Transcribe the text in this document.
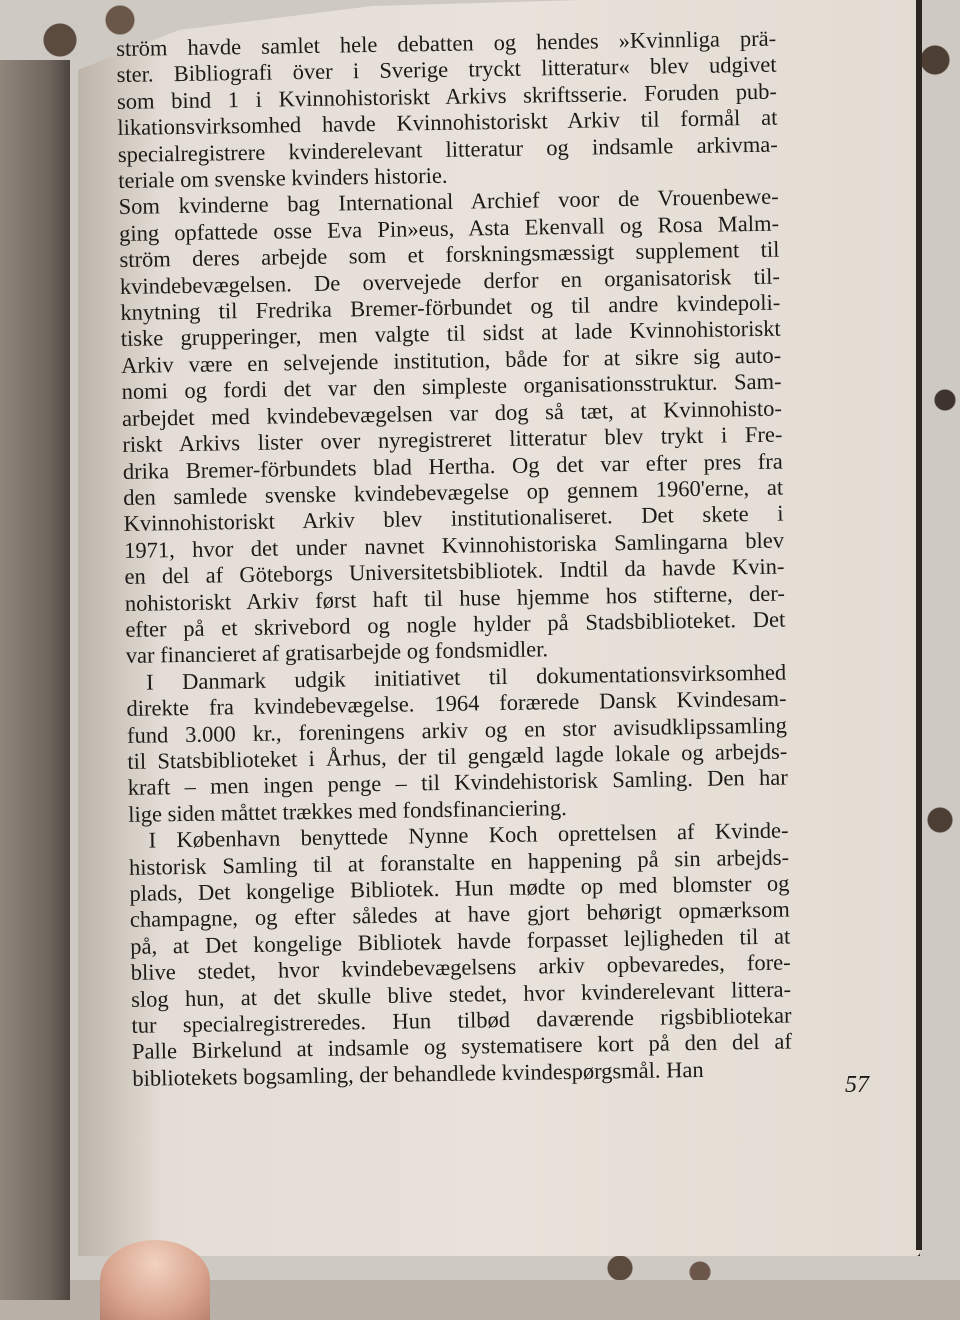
ström havde samlet hele debatten og hendes »Kvinnliga prä-
ster. Bibliografi över i Sverige tryckt litteratur« blev udgivet
som bind 1 i Kvinnohistoriskt Arkivs skriftsserie. Foruden pub-
likationsvirksomhed havde Kvinnohistoriskt Arkiv til formål at
specialregistrere kvinderelevant litteratur og indsamle arkivma-
teriale om svenske kvinders historie.
Som kvinderne bag International Archief voor de Vrouenbewe-
ging opfattede osse Eva Pin»eus, Asta Ekenvall og Rosa Malm-
ström deres arbejde som et forskningsmæssigt supplement til
kvindebevægelsen. De overvejede derfor en organisatorisk til-
knytning til Fredrika Bremer-förbundet og til andre kvindepoli-
tiske grupperinger, men valgte til sidst at lade Kvinnohistoriskt
Arkiv være en selvejende institution, både for at sikre sig auto-
nomi og fordi det var den simpleste organisationsstruktur. Sam-
arbejdet med kvindebevægelsen var dog så tæt, at Kvinnohisto-
riskt Arkivs lister over nyregistreret litteratur blev trykt i Fre-
drika Bremer-förbundets blad Hertha. Og det var efter pres fra
den samlede svenske kvindebevægelse op gennem 1960'erne, at
Kvinnohistoriskt Arkiv blev institutionaliseret. Det skete i
1971, hvor det under navnet Kvinnohistoriska Samlingarna blev
en del af Göteborgs Universitetsbibliotek. Indtil da havde Kvin-
nohistoriskt Arkiv først haft til huse hjemme hos stifterne, der-
efter på et skrivebord og nogle hylder på Stadsbiblioteket. Det
var financieret af gratisarbejde og fondsmidler.
I Danmark udgik initiativet til dokumentationsvirksomhed
direkte fra kvindebevægelse. 1964 forærede Dansk Kvindesam-
fund 3.000 kr., foreningens arkiv og en stor avisudklipssamling
til Statsbiblioteket i Århus, der til gengæld lagde lokale og arbejds-
kraft – men ingen penge – til Kvindehistorisk Samling. Den har
lige siden måttet trækkes med fondsfinanciering.
I København benyttede Nynne Koch oprettelsen af Kvinde-
historisk Samling til at foranstalte en happening på sin arbejds-
plads, Det kongelige Bibliotek. Hun mødte op med blomster og
champagne, og efter således at have gjort behørigt opmærksom
på, at Det kongelige Bibliotek havde forpasset lejligheden til at
blive stedet, hvor kvindebevægelsens arkiv opbevaredes, fore-
slog hun, at det skulle blive stedet, hvor kvinderelevant littera-
tur specialregistreredes. Hun tilbød daværende rigsbibliotekar
Palle Birkelund at indsamle og systematisere kort på den del af
bibliotekets bogsamling, der behandlede kvindespørgsmål. Han	57
